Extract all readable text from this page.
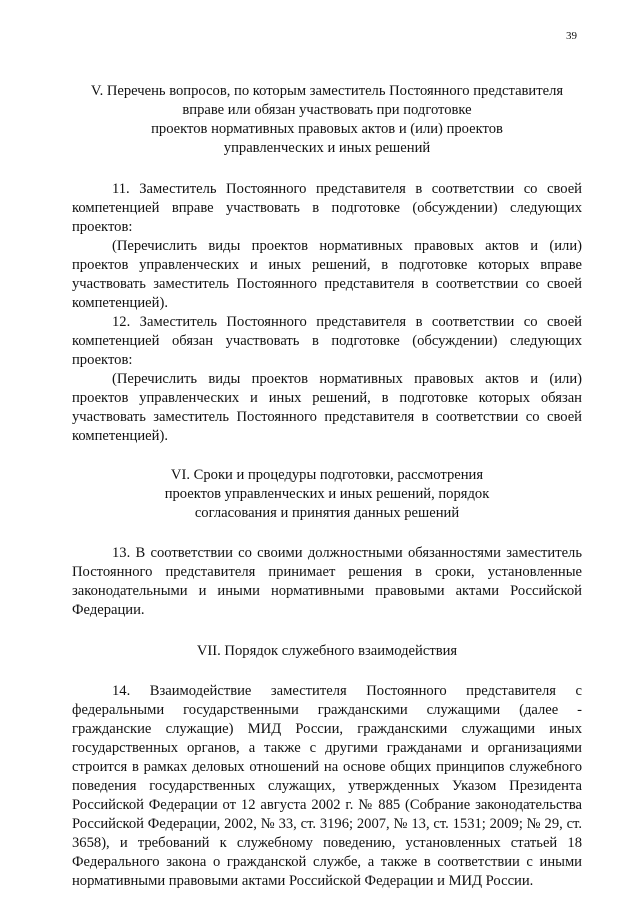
39

V. Перечень вопросов, по которым заместитель Постоянного представителя

вправе или обязан участвовать при подготовке

проектов нормативных правовых актов и (или) проектов

управленческих и иных решений

11. Заместитель Постоянного представителя в соответствии со своей компетенцией вправе участвовать в подготовке (обсуждении) следующих проектов:

(Перечислить виды проектов нормативных правовых актов и (или) проектов управленческих и иных решений, в подготовке которых вправе участвовать заместитель Постоянного представителя в соответствии со своей компетенцией).

12. Заместитель Постоянного представителя в соответствии со своей компетенцией обязан участвовать в подготовке (обсуждении) следующих проектов:

(Перечислить виды проектов нормативных правовых актов и (или) проектов управленческих и иных решений, в подготовке которых обязан участвовать заместитель Постоянного представителя в соответствии со своей компетенцией).

VI. Сроки и процедуры подготовки, рассмотрения

проектов управленческих и иных решений, порядок

согласования и принятия данных решений

13. В соответствии со своими должностными обязанностями заместитель Постоянного представителя принимает решения в сроки, установленные законодательными и иными нормативными правовыми актами Российской Федерации.

VII. Порядок служебного взаимодействия

14. Взаимодействие заместителя Постоянного представителя с федеральными государственными гражданскими служащими (далее - гражданские служащие) МИД России, гражданскими служащими иных государственных органов, а также с другими гражданами и организациями строится в рамках деловых отношений на основе общих принципов служебного поведения государственных служащих, утвержденных Указом Президента Российской Федерации от 12 августа 2002 г. № 885 (Собрание законодательства Российской Федерации, 2002, № 33, ст. 3196; 2007, № 13, ст. 1531; 2009; № 29, ст. 3658), и требований к служебному поведению, установленных статьей 18 Федерального закона о гражданской службе, а также в соответствии с иными нормативными правовыми актами Российской Федерации и МИД России.
